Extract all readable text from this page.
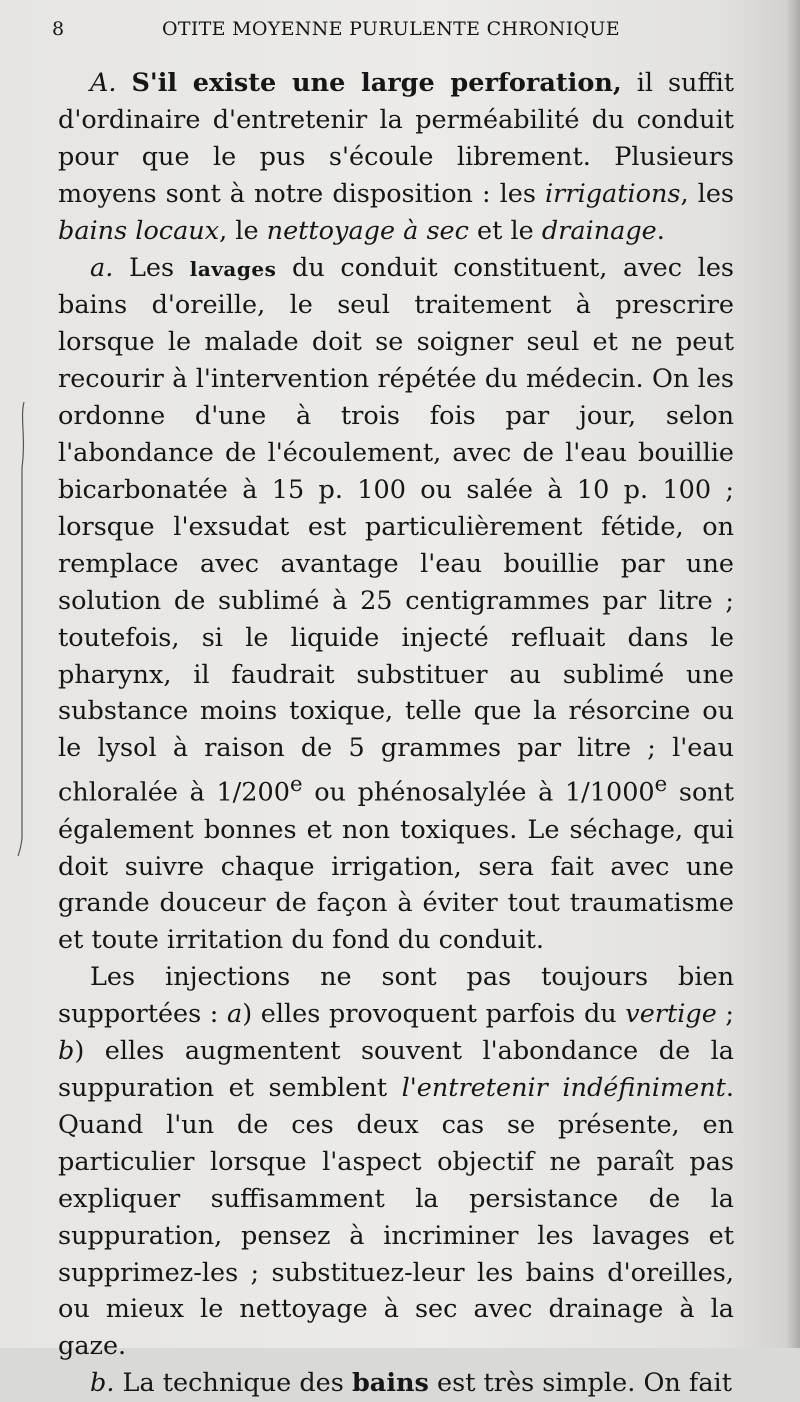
8	OTITE MOYENNE PURULENTE CHRONIQUE

A. S'il existe une large perforation, il suffit d'ordinaire d'entretenir la perméabilité du conduit pour que le pus s'écoule librement. Plusieurs moyens sont à notre disposition : les irrigations, les bains locaux, le nettoyage à sec et le drainage.

a. Les lavages du conduit constituent, avec les bains d'oreille, le seul traitement à prescrire lorsque le malade doit se soigner seul et ne peut recourir à l'intervention répétée du médecin. On les ordonne d'une à trois fois par jour, selon l'abondance de l'écoulement, avec de l'eau bouillie bicarbonatée à 15 p. 100 ou salée à 10 p. 100 ; lorsque l'exsudat est particulièrement fétide, on remplace avec avantage l'eau bouillie par une solution de sublimé à 25 centigrammes par litre ; toutefois, si le liquide injecté refluait dans le pharynx, il faudrait substituer au sublimé une substance moins toxique, telle que la résorcine ou le lysol à raison de 5 grammes par litre ; l'eau chloralée à 1/200e ou phénosalylée à 1/1000e sont également bonnes et non toxiques. Le séchage, qui doit suivre chaque irrigation, sera fait avec une grande douceur de façon à éviter tout traumatisme et toute irritation du fond du conduit.

Les injections ne sont pas toujours bien supportées : a) elles provoquent parfois du vertige ; b) elles augmentent souvent l'abondance de la suppuration et semblent l'entretenir indéfiniment. Quand l'un de ces deux cas se présente, en particulier lorsque l'aspect objectif ne paraît pas expliquer suffisamment la persistance de la suppuration, pensez à incriminer les lavages et supprimez-les ; substituez-leur les bains d'oreilles, ou mieux le nettoyage à sec avec drainage à la gaze.

b. La technique des bains est très simple. On fait
